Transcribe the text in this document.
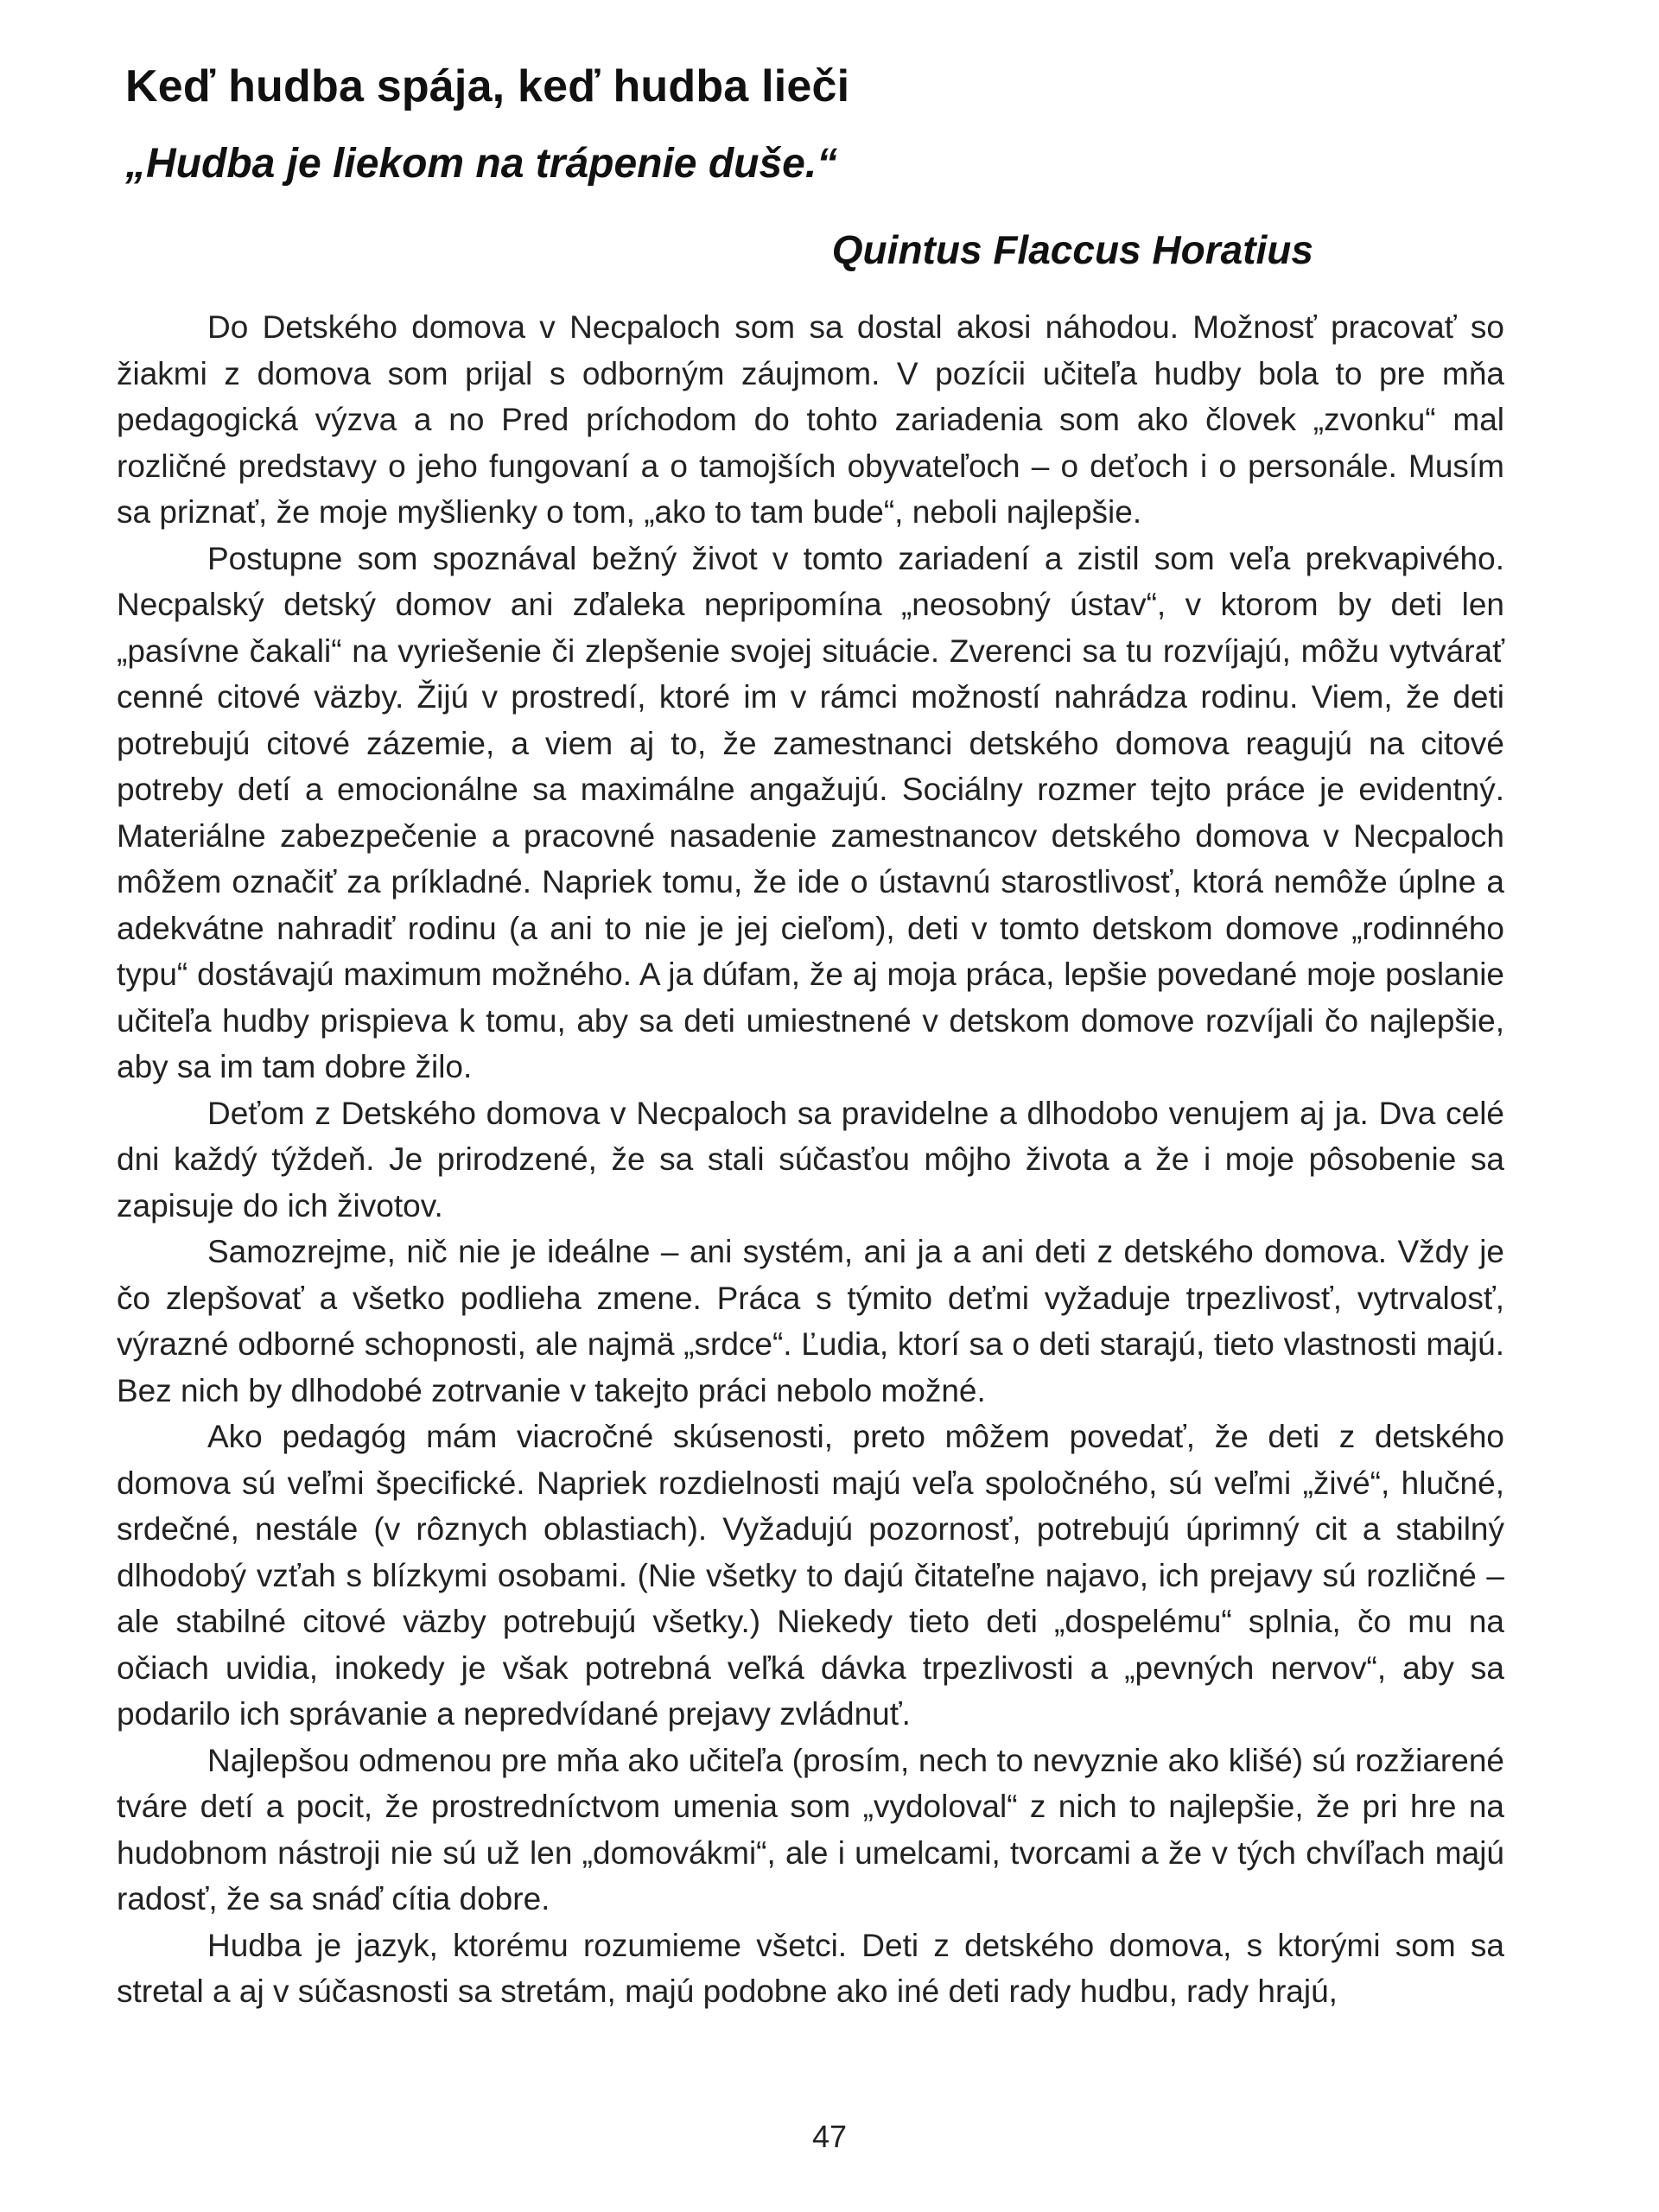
Keď hudba spája, keď hudba lieči

„Hudba je liekom na trápenie duše.“

Quintus Flaccus Horatius

Do Detského domova v Necpaloch som sa dostal akosi náhodou. Možnosť pracovať so žiakmi z domova som prijal s odborným záujmom. V pozícii učiteľa hudby bola to pre mňa pedagogická výzva a no Pred príchodom do tohto zariadenia som ako človek „zvonku“ mal rozličné predstavy o jeho fungovaní a o tamojších obyvateľoch – o deťoch i o personále. Musím sa priznať, že moje myšlienky o tom, „ako to tam bude“, neboli najlepšie.

Postupne som spoznával bežný život v tomto zariadení a zistil som veľa prekvapivého. Necpalský detský domov ani zďaleka nepripomína „neosobný ústav“, v ktorom by deti len „pasívne čakali“ na vyriešenie či zlepšenie svojej situácie. Zverenci sa tu rozvíjajú, môžu vytvárať cenné citové väzby. Žijú v prostredí, ktoré im v rámci možností nahrádza rodinu. Viem, že deti potrebujú citové zázemie, a viem aj to, že zamestnanci detského domova reagujú na citové potreby detí a emocionálne sa maximálne angažujú. Sociálny rozmer tejto práce je evidentný. Materiálne zabezpečenie a pracovné nasadenie zamestnancov detského domova v Necpaloch môžem označiť za príkladné. Napriek tomu, že ide o ústavnú starostlivosť, ktorá nemôže úplne a adekvátne nahradiť rodinu (a ani to nie je jej cieľom), deti v tomto detskom domove „rodinného typu“ dostávajú maximum možného. A ja dúfam, že aj moja práca, lepšie povedané moje poslanie učiteľa hudby prispieva k tomu, aby sa deti umiestnené v detskom domove rozvíjali čo najlepšie, aby sa im tam dobre žilo.

Deťom z Detského domova v Necpaloch sa pravidelne a dlhodobo venujem aj ja. Dva celé dni každý týždeň. Je prirodzené, že sa stali súčasťou môjho života a že i moje pôsobenie sa zapisuje do ich životov.

Samozrejme, nič nie je ideálne – ani systém, ani ja a ani deti z detského domova. Vždy je čo zlepšovať a všetko podlieha zmene. Práca s týmito deťmi vyžaduje trpezlivosť, vytrvalosť, výrazné odborné schopnosti, ale najmä „srdce“. Ľudia, ktorí sa o deti starajú, tieto vlastnosti majú. Bez nich by dlhodobé zotrvanie v takejto práci nebolo možné.

Ako pedagóg mám viacročné skúsenosti, preto môžem povedať, že deti z detského domova sú veľmi špecifické. Napriek rozdielnosti majú veľa spoločného, sú veľmi „živé“, hlučné, srdečné, nestále (v rôznych oblastiach). Vyžadujú pozornosť, potrebujú úprimný cit a stabilný dlhodobý vzťah s blízkymi osobami. (Nie všetky to dajú čitateľne najavo, ich prejavy sú rozličné – ale stabilné citové väzby potrebujú všetky.) Niekedy tieto deti „dospelému“ splnia, čo mu na očiach uvidia, inokedy je však potrebná veľká dávka trpezlivosti a „pevných nervov“, aby sa podarilo ich správanie a nepredvídané prejavy zvládnuť.

Najlepšou odmenou pre mňa ako učiteľa (prosím, nech to nevyznie ako klišé) sú rozžiarené tváre detí a pocit, že prostredníctvom umenia som „vydoloval“ z nich to najlepšie, že pri hre na hudobnom nástroji nie sú už len „domovákmi“, ale i umelcami, tvorcami a že v tých chvíľach majú radosť, že sa snáď cítia dobre.

Hudba je jazyk, ktorému rozumieme všetci. Deti z detského domova, s ktorými som sa stretal a aj v súčasnosti sa stretám, majú podobne ako iné deti rady hudbu, rady hrajú,

47
